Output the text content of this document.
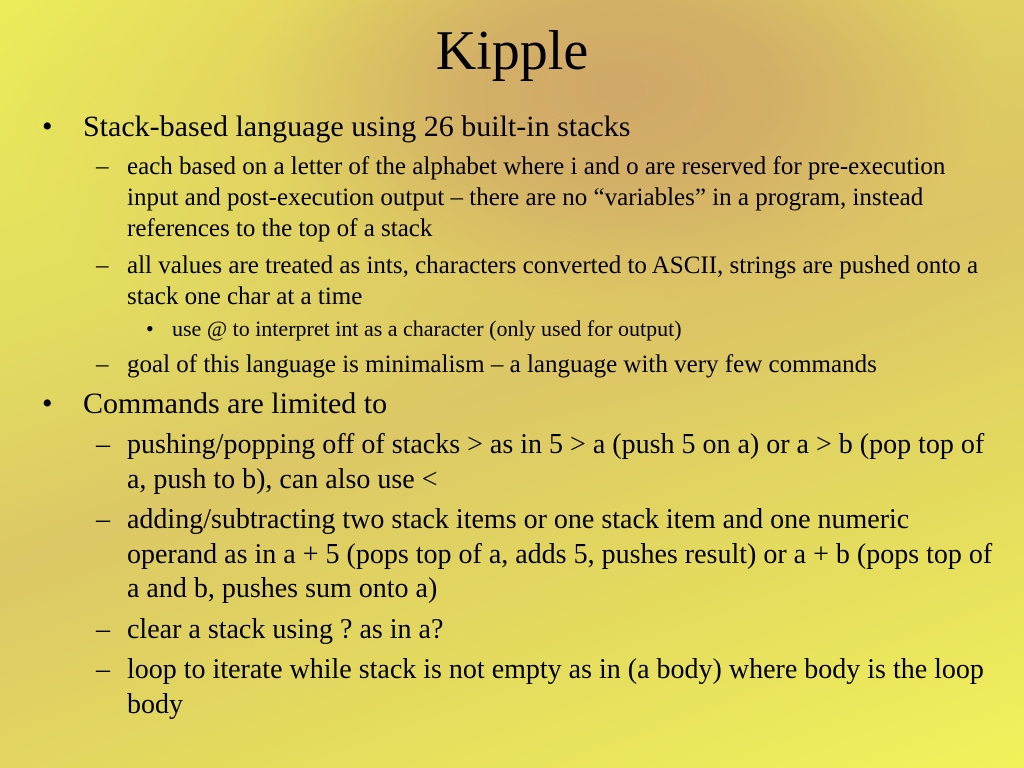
Kipple
• Stack-based language using 26 built-in stacks
– each based on a letter of the alphabet where i and o are reserved for pre-execution input and post-execution output – there are no “variables” in a program, instead references to the top of a stack
– all values are treated as ints, characters converted to ASCII, strings are pushed onto a stack one char at a time
• use @ to interpret int as a character (only used for output)
– goal of this language is minimalism – a language with very few commands
• Commands are limited to
– pushing/popping off of stacks > as in 5 > a (push 5 on a) or a > b (pop top of a, push to b), can also use <
– adding/subtracting two stack items or one stack item and one numeric operand as in a + 5 (pops top of a, adds 5, pushes result) or a + b (pops top of a and b, pushes sum onto a)
– clear a stack using ? as in a?
– loop to iterate while stack is not empty as in (a body) where body is the loop body
